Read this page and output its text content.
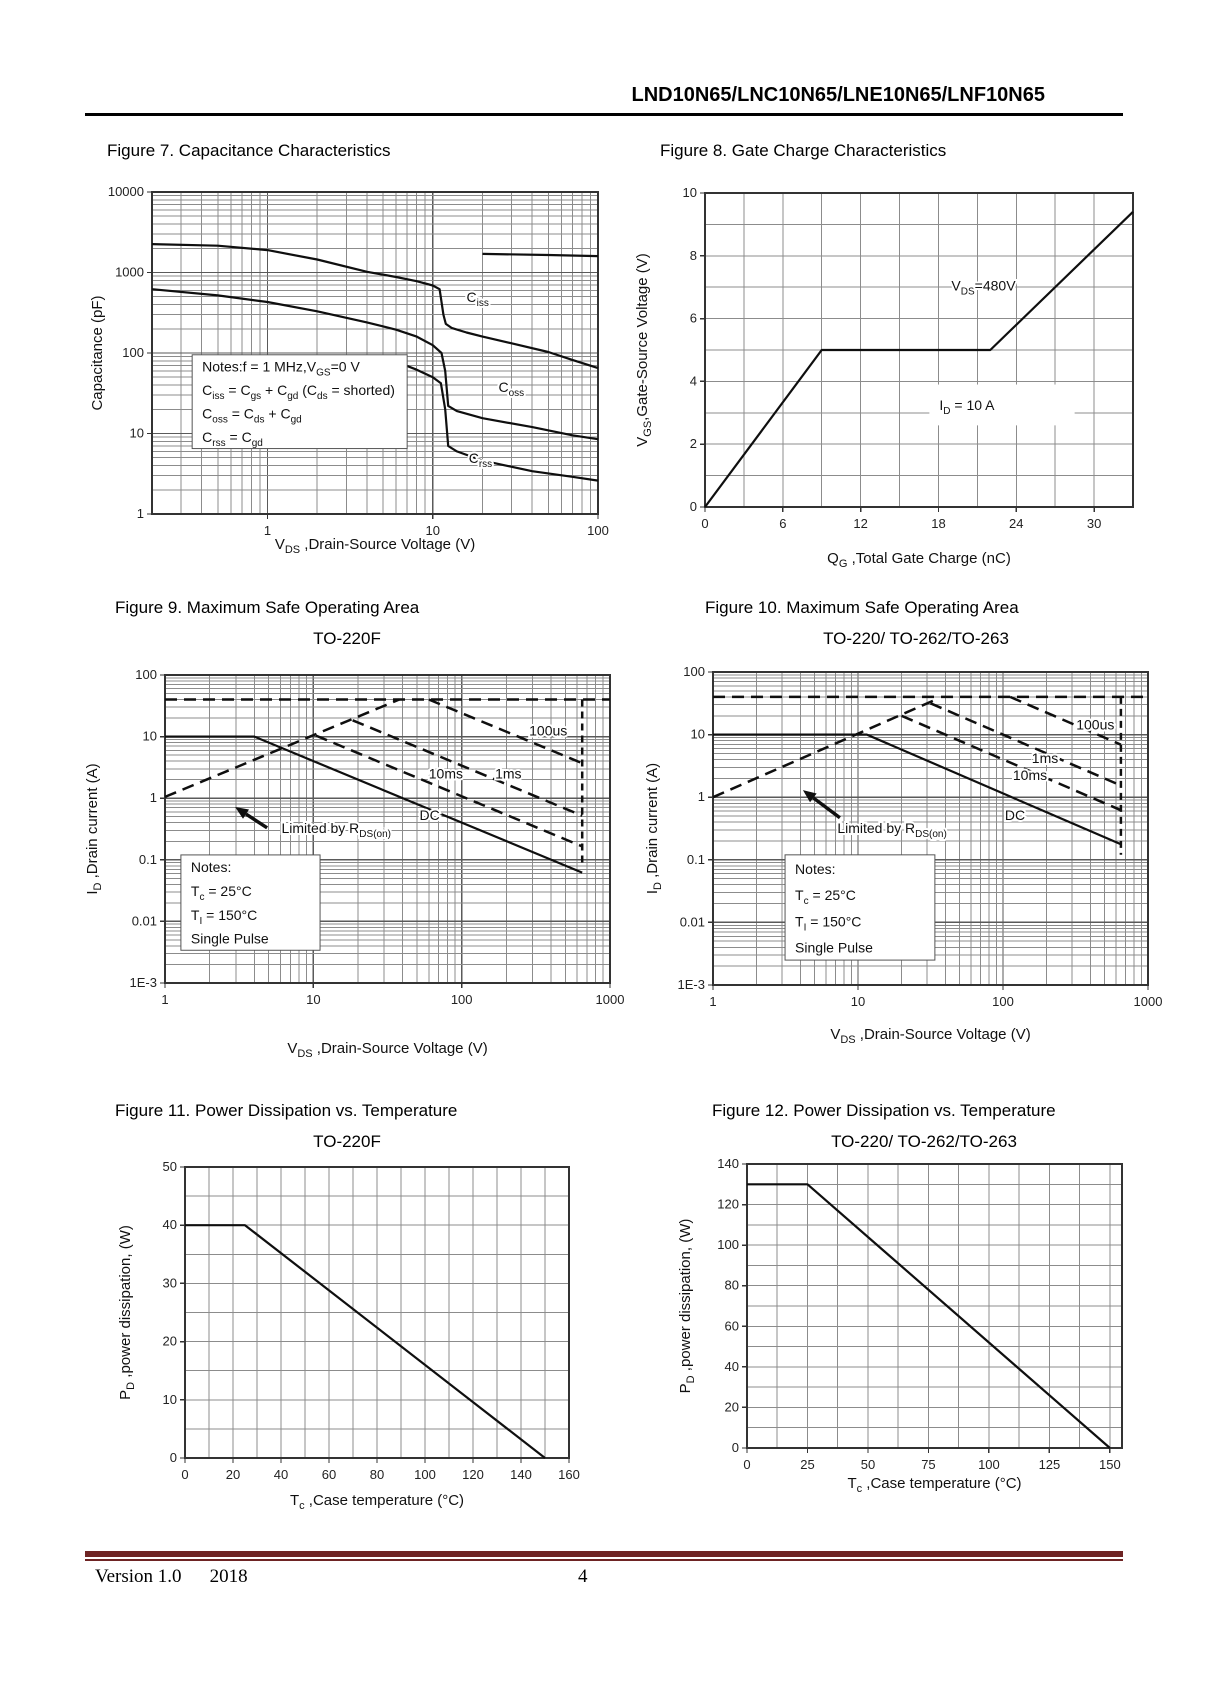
LND10N65/LNC10N65/LNE10N65/LNF10N65
Figure 7. Capacitance Characteristics
1	10	100
1
10
100
1000
10000
$V_{DS}$ ,Drain-Source Voltage (V)
Capacitance (pF)	$C_{iss}$
$C_{oss}$
$C_{rss}$
Notes:f = 1 $MHz,V_{GS}=0$ V
$C_{iss} = C_{gs} + C_{gd}$ ($C_{ds}$ = shorted)
$C_{oss} = C_{ds} + C_{gd}$
$C_{rss} = C_{gd}$
Figure 8. Gate Charge Characteristics
0	6	12	18	24	30
0
2
4
6
8
10
$Q_G$ ,Total Gate Charge (nC)
$V_{GS},Gate$-Source Voltage (V)	$V_{DS}=480V$
$I_D = 10$ A
Figure 9. Maximum Safe Operating Area
TO-220F
1	10	100	1000
1E-3
0.01
0.1
1
10
100
$V_{DS}$ ,Drain-Source Voltage (V)
$I_D$ ,Drain current (A)
100us
1ms
10ms
DC
Limited by $R_{DS(on)}$
Notes:
$T_c = 25^\circ C$
$T_I = 150^\circ C$
Single Pulse
Figure 10. Maximum Safe Operating Area
TO-220/ TO-262/TO-263
1	10	100	1000
1E-3
0.01
0.1
1
10
100
$V_{DS}$ ,Drain-Source Voltage (V)
$I_D$ ,Drain current (A)
100us
1ms
10ms
DC
Limited by $R_{DS(on)}$
Notes:
$T_c = 25^\circ C$
$T_I = 150^\circ C$
Single Pulse
Figure 11. Power Dissipation vs. Temperature
TO-220F
0	20	40	60	80 100 120 140 160
0
10
20
30
40
50
$T_c$ ,Case temperature (°C)
$P_D$ ,power dissipation, (W)
Figure 12. Power Dissipation vs. Temperature
TO-220/ TO-262/TO-263
0	25	50	75	100	125	150
0
20
40
60
80
100
120
140
$T_c$ ,Case temperature (°C)
$P_D$ ,power dissipation, (W)
Version 1.0 2018	4
